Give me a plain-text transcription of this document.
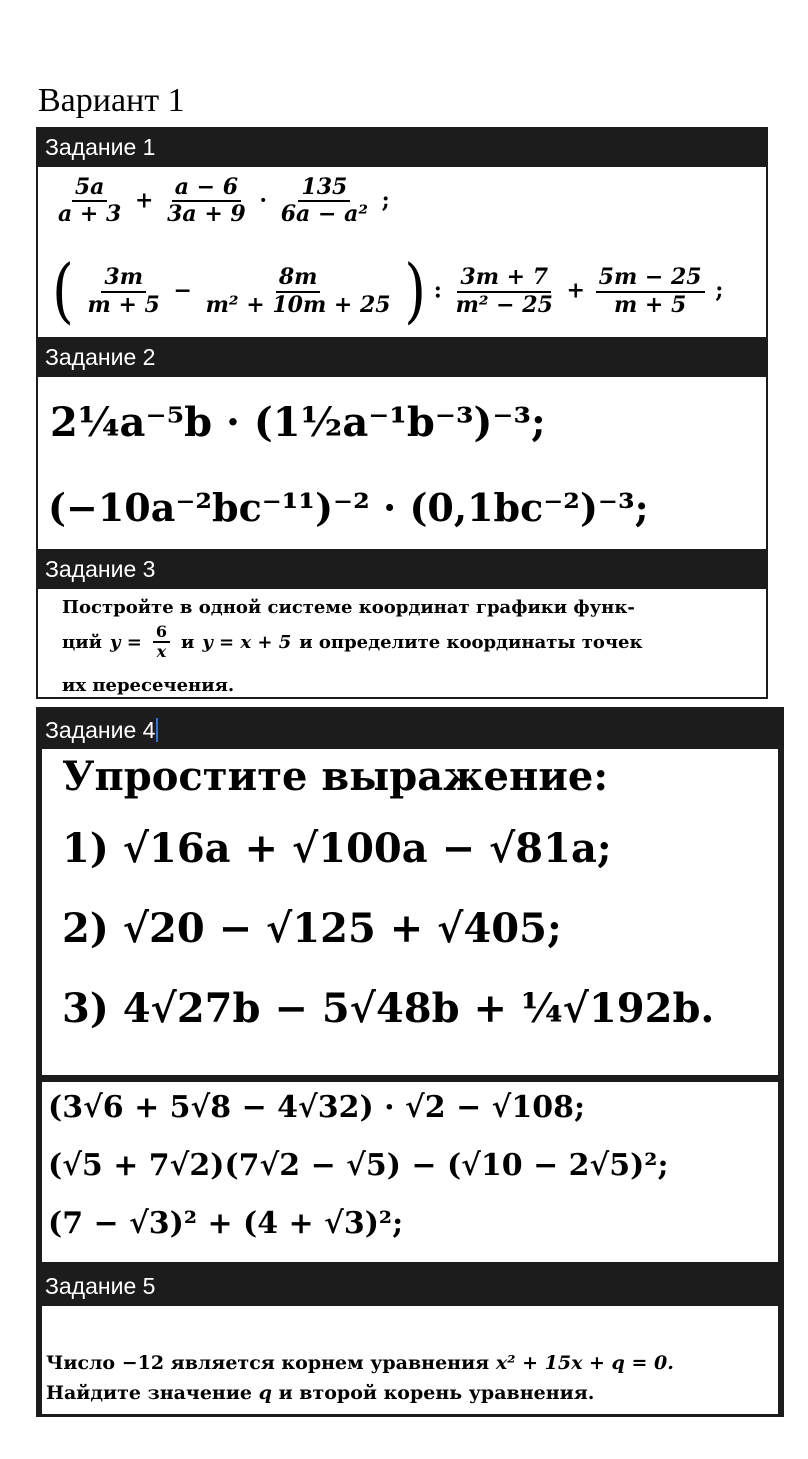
Вариант 1
Задание 1
$\frac{5a}{a + 3} + \frac{a - 6}{3a + 9} \cdot \frac{135}{\text{6a − a²}}$ ;
( $\frac{3m}{m + 5} - \frac{8m}{\text{m² + 10m + 25}}$ ) : $\frac{3m + 7}{\text{m² − 25}} + \frac{5m - 25}{m + 5}$ ;
Задание 2
2¼a⁻⁵b · (1½a⁻¹b⁻³)⁻³;
(−10a⁻²bc⁻¹¹)⁻² · (0,1bc⁻²)⁻³;
Задание 3
Постройте в одной системе координат графики функ-
ций $y = \frac{6}{x}$ и y = x + 5 и определите координаты точек
их пересечения.
Задание 4
Упростите выражение:
1) √16a + √100a − √81a;
2) √20 − √125 + √405;
3) 4√27b − 5√48b + ¼√192b.
(3√6 + 5√8 − 4√32) · √2 − √108;
(√5 + 7√2)(7√2 − √5) − (√10 − 2√5)²;
(7 − √3)² + (4 + √3)²;
Задание 5
Число −12 является корнем уравнения x² + 15x + q = 0.
Найдите значение q и второй корень уравнения.
